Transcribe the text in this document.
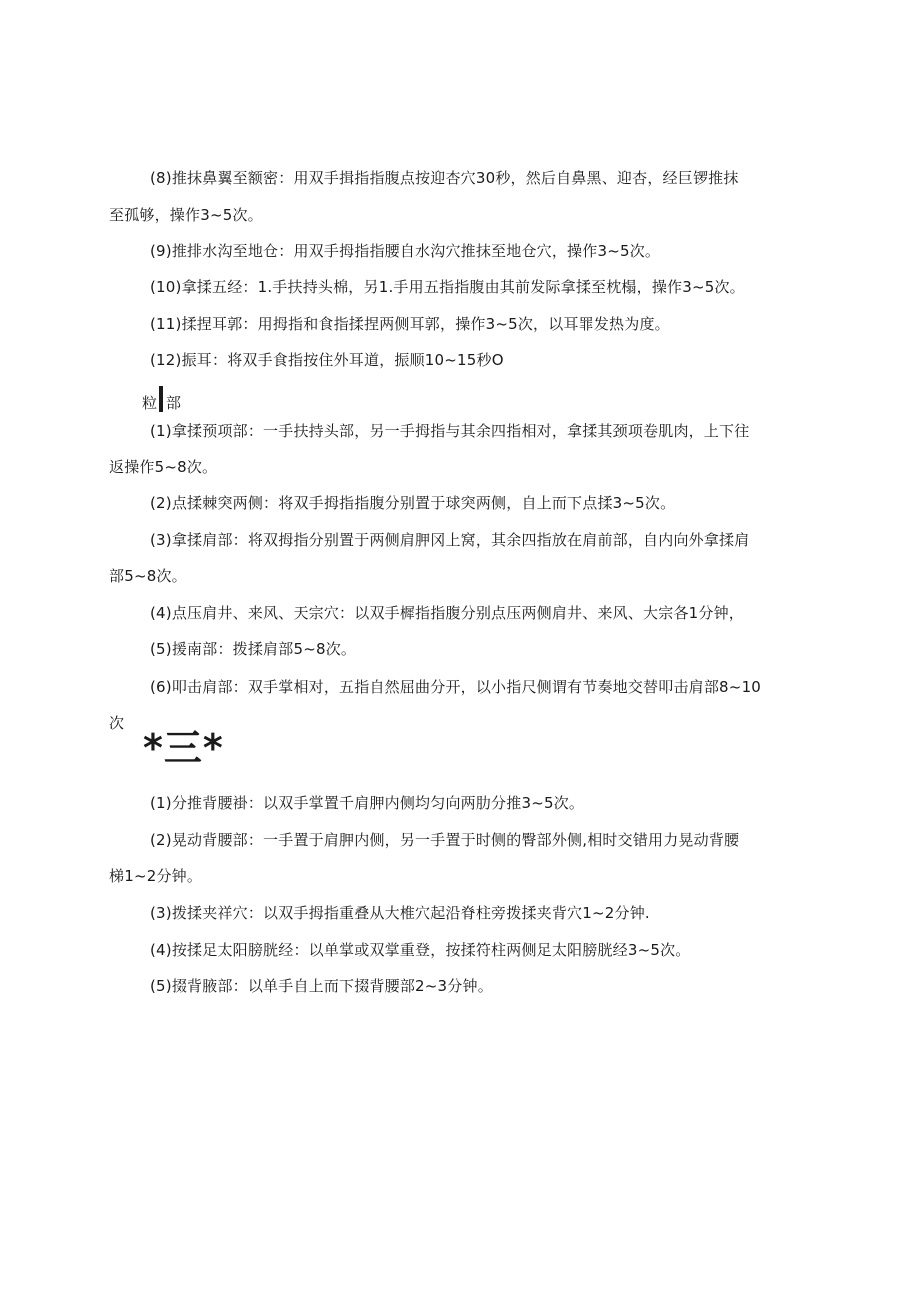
(8)推抹鼻翼至额密：用双手揖指指腹点按迎杏穴30秒，然后自鼻黑、迎杏，经巨锣推抹
至孤够，操作3~5次。
(9)推排水沟至地仓：用双手拇指指腰自水沟穴推抹至地仓穴，操作3~5次。
(10)拿揉五经：1.手扶持头棉，另1.手用五指指腹由其前发际拿揉至枕榻，操作3~5次。
(11)揉捏耳郭：用拇指和食指揉捏两侧耳郭，操作3~5次，以耳罪发热为度。
(12)振耳：将双手食指按住外耳道，振顺10~15秒O
粒 部
(1)拿揉预项部：一手扶持头部，另一手拇指与其余四指相对，拿揉其颈项卷肌肉，上下往
返操作5~8次。
(2)点揉棘突两侧：将双手拇指指腹分别置于球突两侧，自上而下点揉3~5次。
(3)拿揉肩部：将双拇指分别置于两侧肩胛冈上窝，其余四指放在肩前部，自内向外拿揉肩
部5~8次。
(4)点压肩井、来风、天宗穴：以双手樨指指腹分别点压两侧肩井、来风、大宗各1分钟，
(5)援南部：拨揉肩部5~8次。
(6)叩击肩部：双手掌相对，五指自然屈曲分开，以小指尺侧谓有节奏地交替叩击肩部8~10
次
*三*
(1)分推背腰褂：以双手掌置千肩胛内侧均匀向两肋分推3~5次。
(2)晃动背腰部：一手置于肩胛内侧，另一手置于时侧的臀部外侧,相时交错用力晃动背腰
梯1~2分钟。
(3)拨揉夹祥穴：以双手拇指重叠从大椎穴起沿脊柱旁拨揉夹背穴1~2分钟.
(4)按揉足太阳膀胱经：以单掌或双掌重登，按揉符柱两侧足太阳膀胱经3~5次。
(5)掇背腋部：以单手自上而下掇背腰部2~3分钟。
